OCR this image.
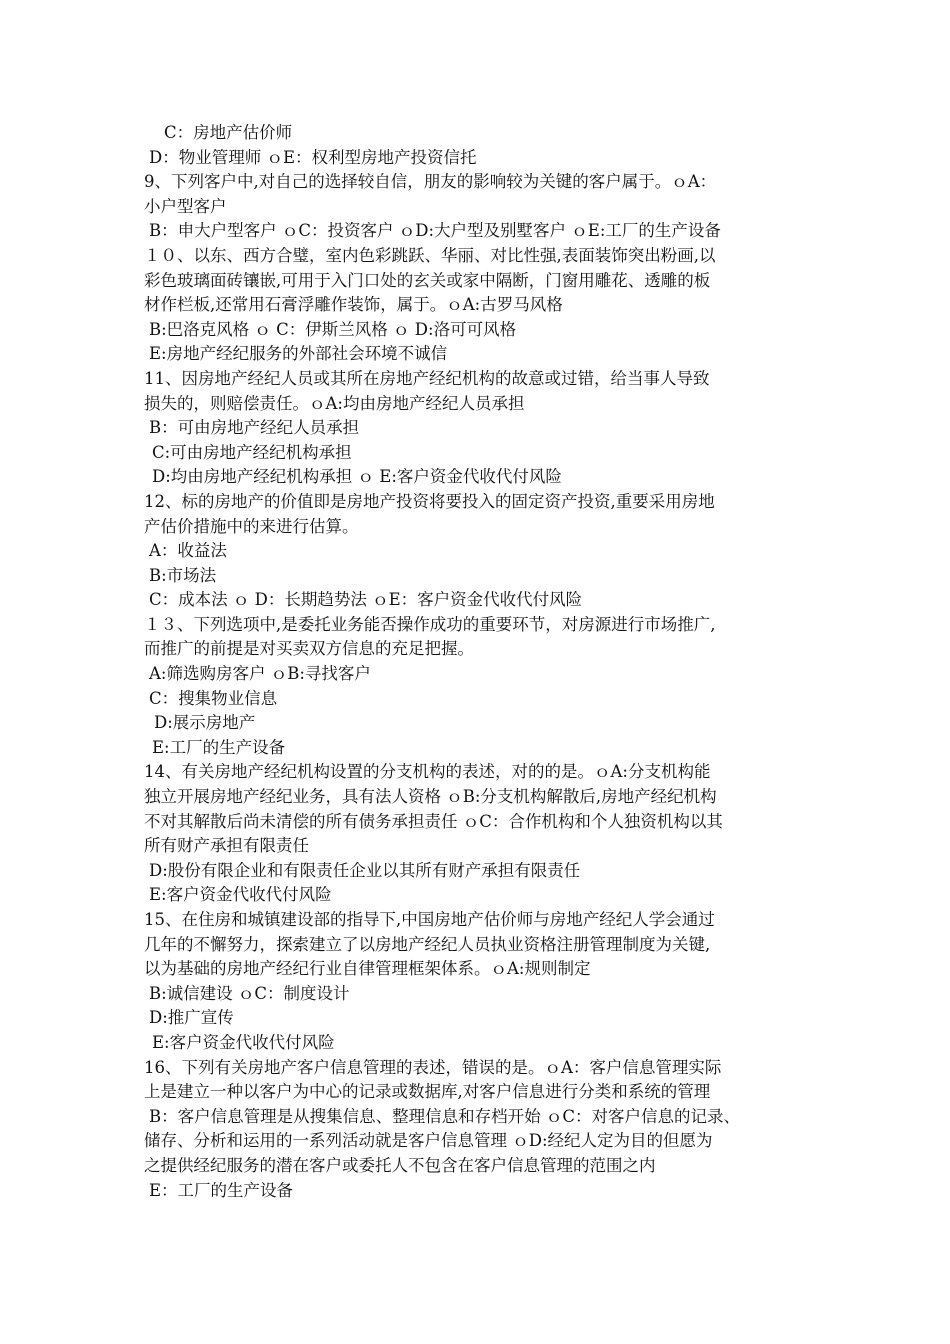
C：房地产估价师
D：物业管理师 ｏE：权利型房地产投资信托
9、下列客户中,对自己的选择较自信，朋友的影响较为关键的客户属于。ｏA：
小户型客户
B：申大户型客户 ｏC：投资客户 ｏD:大户型及别墅客户 ｏE:工厂的生产设备
１０、以东、西方合璧，室内色彩跳跃、华丽、对比性强,表面装饰突出粉画,以
彩色玻璃面砖镶嵌,可用于入门口处的玄关或家中隔断，门窗用雕花、透雕的板
材作栏板,还常用石膏浮雕作装饰，属于。ｏA:古罗马风格
B:巴洛克风格 ｏ C：伊斯兰风格 ｏ D:洛可可风格
E:房地产经纪服务的外部社会环境不诚信
11、因房地产经纪人员或其所在房地产经纪机构的故意或过错，给当事人导致
损失的，则赔偿责任。ｏA:均由房地产经纪人员承担
B：可由房地产经纪人员承担
C:可由房地产经纪机构承担
D:均由房地产经纪机构承担 ｏ E:客户资金代收代付风险
12、标的房地产的价值即是房地产投资将要投入的固定资产投资,重要采用房地
产估价措施中的来进行估算。
A：收益法
B:市场法
C：成本法 ｏ D：长期趋势法 ｏE：客户资金代收代付风险
１３、下列选项中,是委托业务能否操作成功的重要环节，对房源进行市场推广,
而推广的前提是对买卖双方信息的充足把握。
A:筛选购房客户 ｏB:寻找客户
C：搜集物业信息
D:展示房地产
E:工厂的生产设备
14、有关房地产经纪机构设置的分支机构的表述，对的的是。ｏA:分支机构能
独立开展房地产经纪业务，具有法人资格 ｏB:分支机构解散后,房地产经纪机构
不对其解散后尚未清偿的所有债务承担责任 ｏC：合作机构和个人独资机构以其
所有财产承担有限责任
D:股份有限企业和有限责任企业以其所有财产承担有限责任
E:客户资金代收代付风险
15、在住房和城镇建设部的指导下,中国房地产估价师与房地产经纪人学会通过
几年的不懈努力，探索建立了以房地产经纪人员执业资格注册管理制度为关键,
以为基础的房地产经纪行业自律管理框架体系。ｏA:规则制定
B:诚信建设 ｏC：制度设计
D:推广宣传
E:客户资金代收代付风险
16、下列有关房地产客户信息管理的表述，错误的是。ｏA：客户信息管理实际
上是建立一种以客户为中心的记录或数据库,对客户信息进行分类和系统的管理
B：客户信息管理是从搜集信息、整理信息和存档开始 ｏC：对客户信息的记录、
储存、分析和运用的一系列活动就是客户信息管理 ｏD:经纪人定为目的但愿为
之提供经纪服务的潜在客户或委托人不包含在客户信息管理的范围之内
E：工厂的生产设备
